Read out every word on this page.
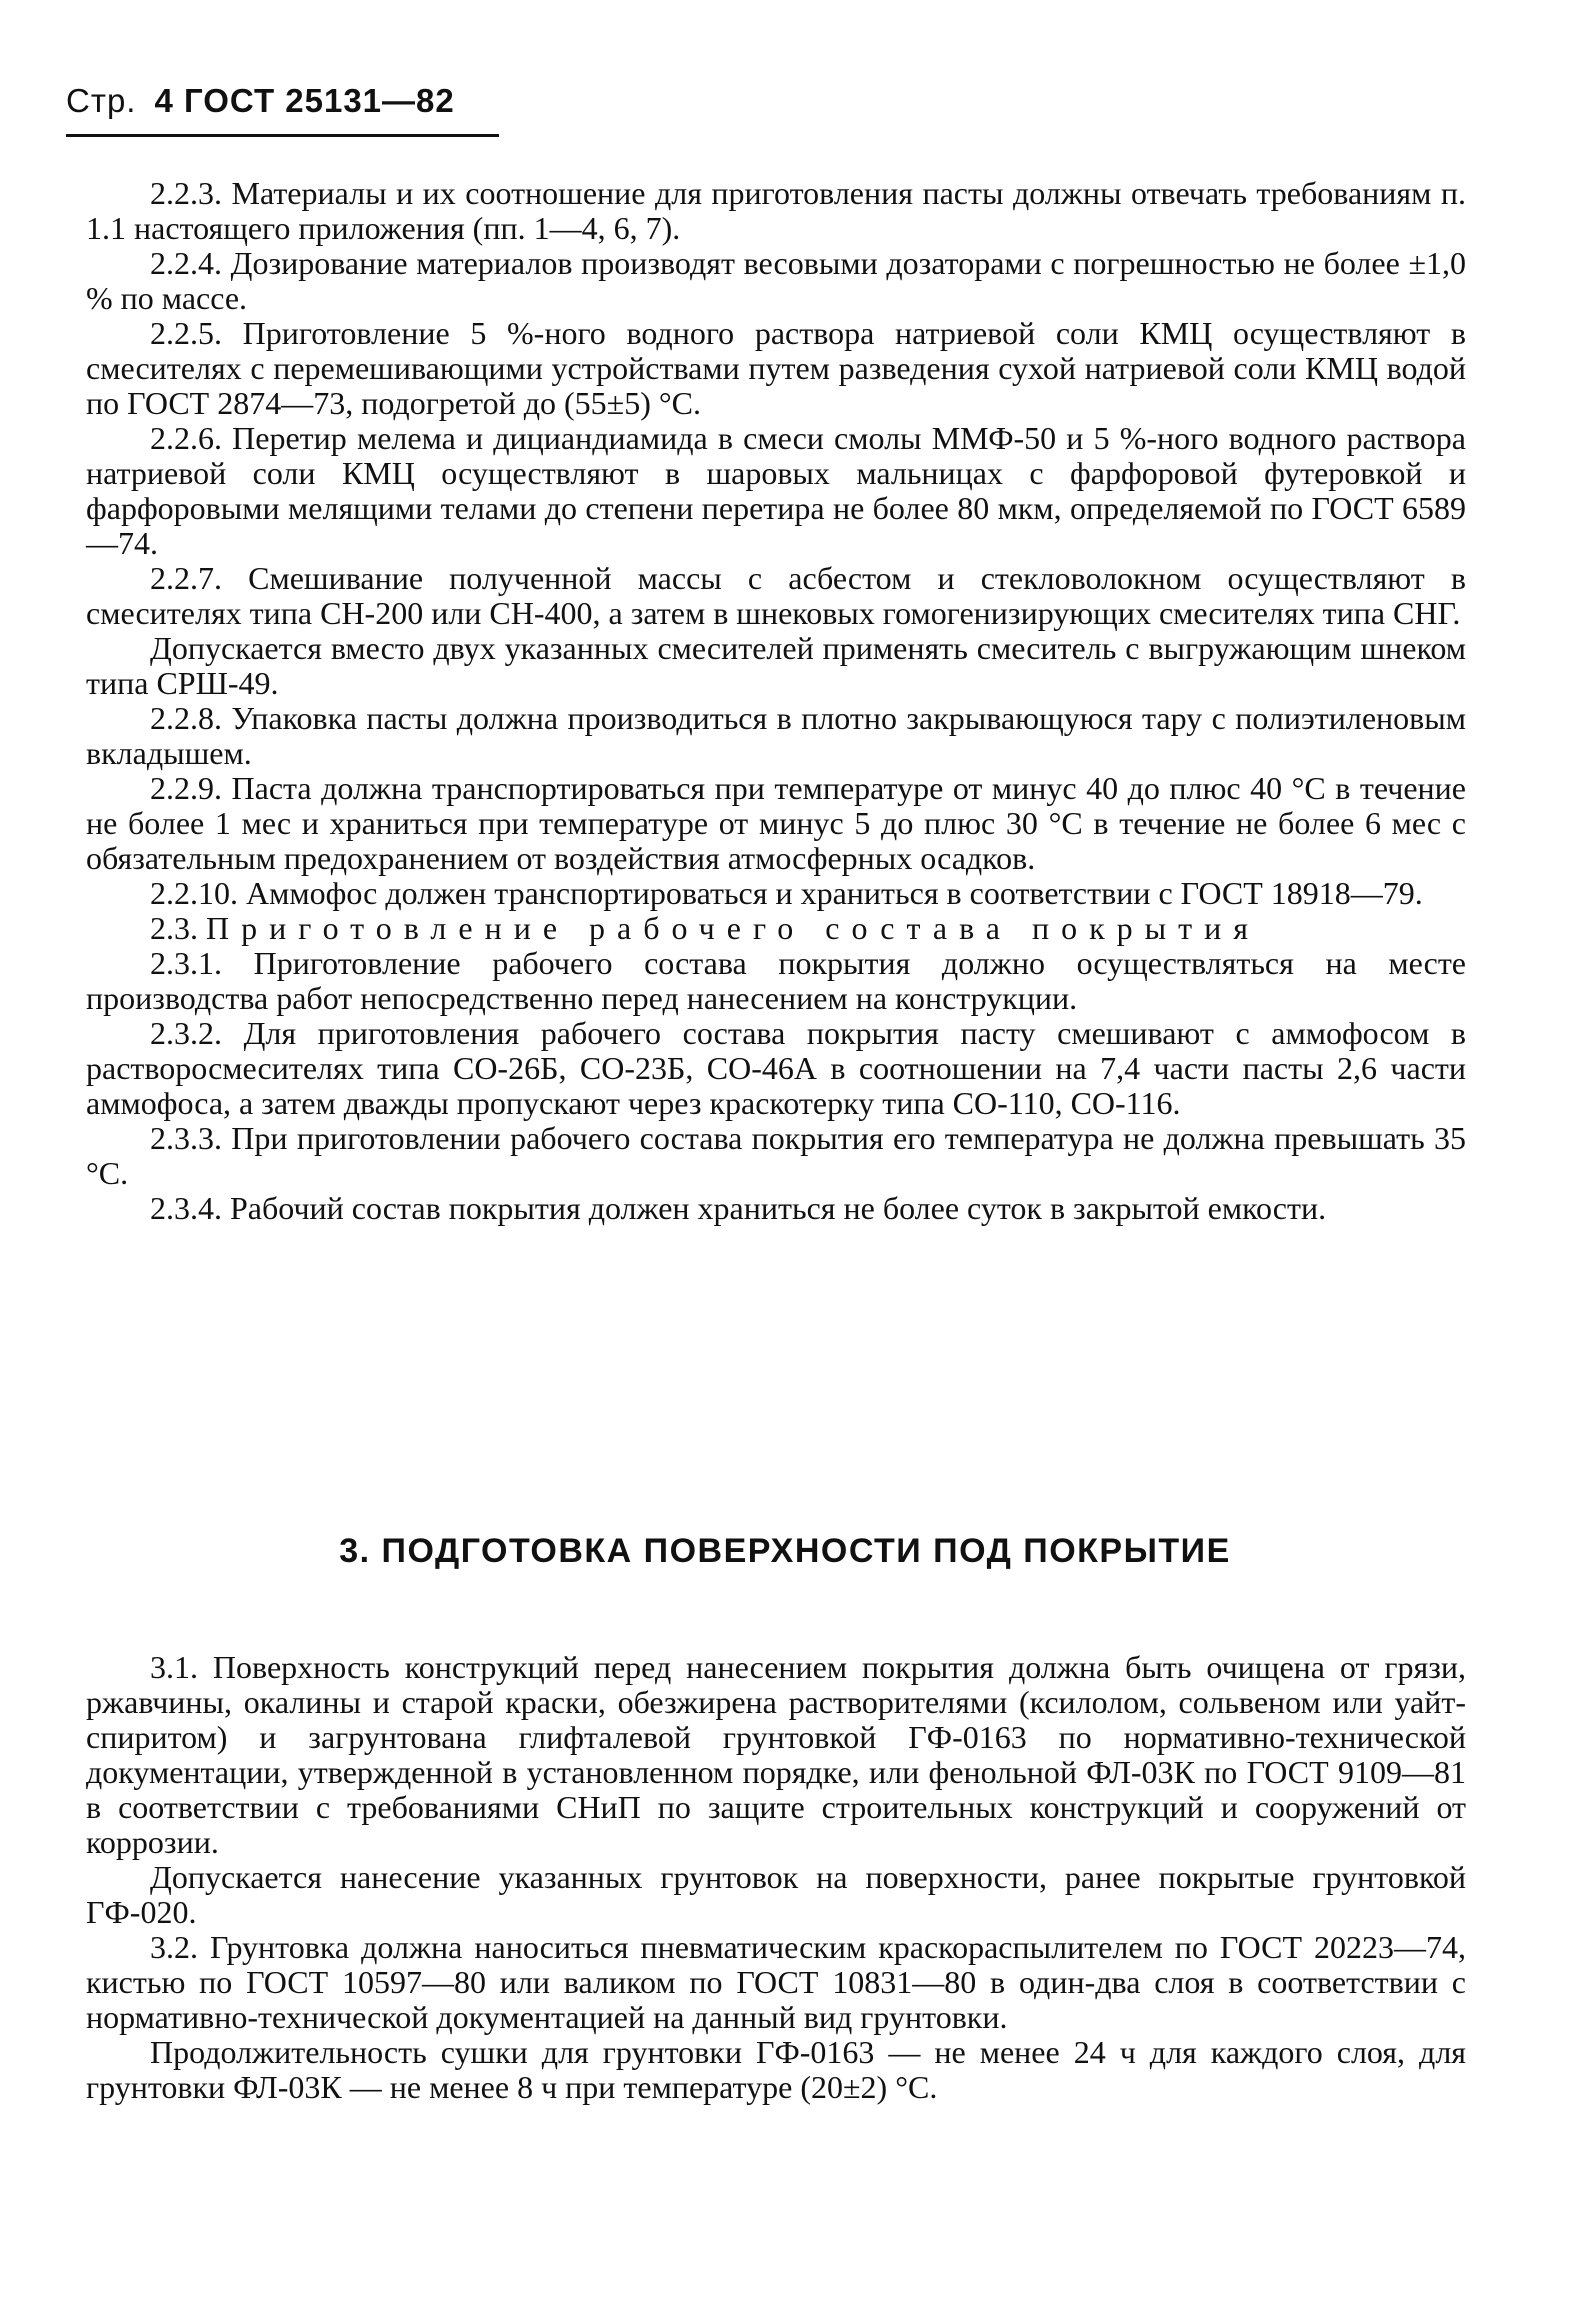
Стр. 4 ГОСТ 25131—82

2.2.3. Материалы и их соотношение для приготовления пасты должны отвечать требованиям п. 1.1 настоящего приложения (пп. 1—4, 6, 7).

2.2.4. Дозирование материалов производят весовыми дозаторами с погрешностью не более ±1,0 % по массе.

2.2.5. Приготовление 5 %-ного водного раствора натриевой соли КМЦ осуществляют в смесителях с перемешивающими устройствами путем разведения сухой натриевой соли КМЦ водой по ГОСТ 2874—73, подогретой до (55±5) °С.

2.2.6. Перетир мелема и дициандиамида в смеси смолы ММФ-50 и 5 %-ного водного раствора натриевой соли КМЦ осуществляют в шаровых мальницах с фарфоровой футеровкой и фарфоровыми мелящими телами до степени перетира не более 80 мкм, определяемой по ГОСТ 6589—74.

2.2.7. Смешивание полученной массы с асбестом и стекловолокном осуществляют в смесителях типа СН-200 или СН-400, а затем в шнековых гомогенизирующих смесителях типа СНГ.

Допускается вместо двух указанных смесителей применять смеситель с выгружающим шнеком типа СРШ-49.

2.2.8. Упаковка пасты должна производиться в плотно закрывающуюся тару с полиэтиленовым вкладышем.

2.2.9. Паста должна транспортироваться при температуре от минус 40 до плюс 40 °С в течение не более 1 мес и храниться при температуре от минус 5 до плюс 30 °С в течение не более 6 мес с обязательным предохранением от воздействия атмосферных осадков.

2.2.10. Аммофос должен транспортироваться и храниться в соответствии с ГОСТ 18918—79.

2.3. Приготовление рабочего состава покрытия

2.3.1. Приготовление рабочего состава покрытия должно осуществляться на месте производства работ непосредственно перед нанесением на конструкции.

2.3.2. Для приготовления рабочего состава покрытия пасту смешивают с аммофосом в растворосмесителях типа СО-26Б, СО-23Б, СО-46А в соотношении на 7,4 части пасты 2,6 части аммофоса, а затем дважды пропускают через краскотерку типа СО-110, СО-116.

2.3.3. При приготовлении рабочего состава покрытия его температура не должна превышать 35 °С.

2.3.4. Рабочий состав покрытия должен храниться не более суток в закрытой емкости.

3. ПОДГОТОВКА ПОВЕРХНОСТИ ПОД ПОКРЫТИЕ

3.1. Поверхность конструкций перед нанесением покрытия должна быть очищена от грязи, ржавчины, окалины и старой краски, обезжирена растворителями (ксилолом, сольвеном или уайт-спиритом) и загрунтована глифталевой грунтовкой ГФ-0163 по нормативно-технической документации, утвержденной в установленном порядке, или фенольной ФЛ-03К по ГОСТ 9109—81 в соответствии с требованиями СНиП по защите строительных конструкций и сооружений от коррозии.

Допускается нанесение указанных грунтовок на поверхности, ранее покрытые грунтовкой ГФ-020.

3.2. Грунтовка должна наноситься пневматическим краскораспылителем по ГОСТ 20223—74, кистью по ГОСТ 10597—80 или валиком по ГОСТ 10831—80 в один-два слоя в соответствии с нормативно-технической документацией на данный вид грунтовки.

Продолжительность сушки для грунтовки ГФ-0163 — не менее 24 ч для каждого слоя, для грунтовки ФЛ-03К — не менее 8 ч при температуре (20±2) °С.
